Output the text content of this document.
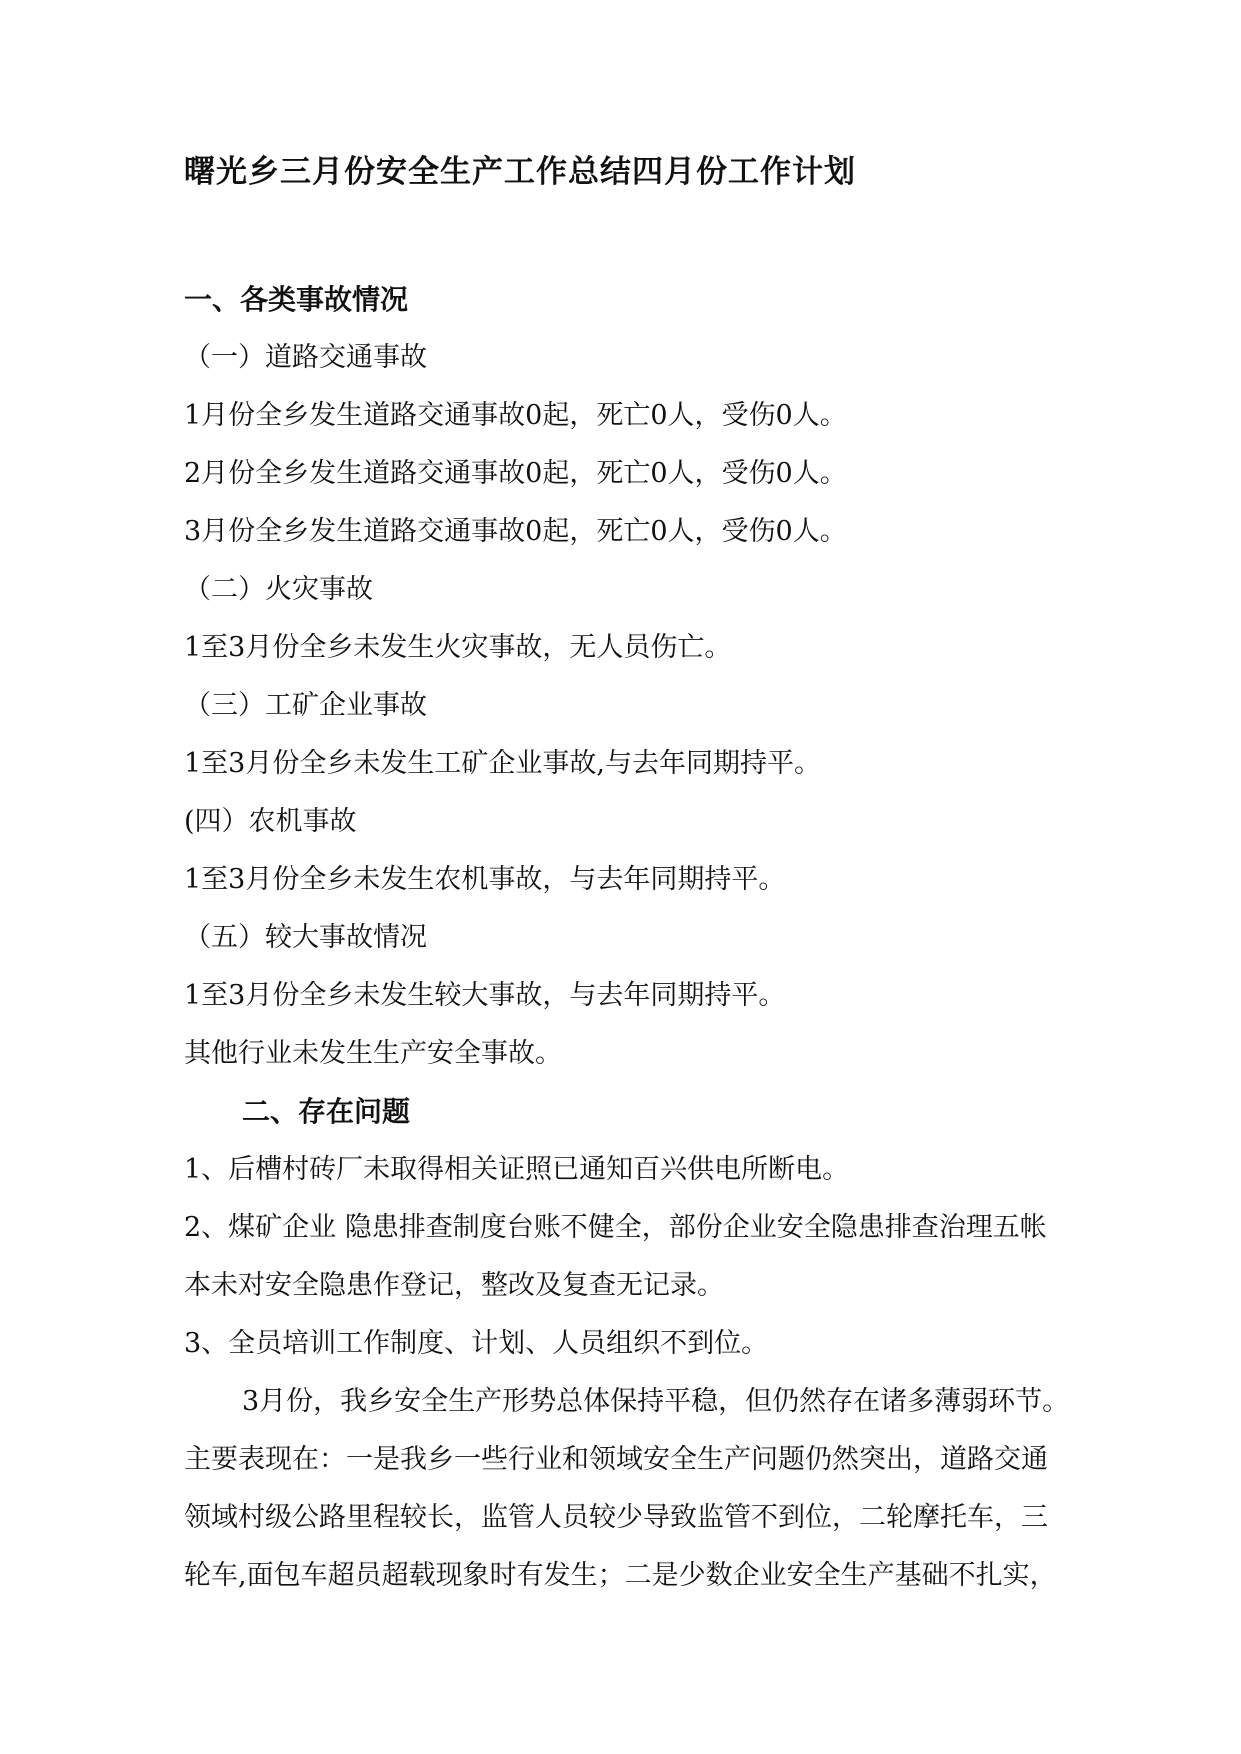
曙光乡三月份安全生产工作总结四月份工作计划
一、各类事故情况
（一）道路交通事故
1月份全乡发生道路交通事故0起，死亡0人，受伤0人。
2月份全乡发生道路交通事故0起，死亡0人，受伤0人。
3月份全乡发生道路交通事故0起，死亡0人，受伤0人。
（二）火灾事故
1至3月份全乡未发生火灾事故，无人员伤亡。
（三）工矿企业事故
1至3月份全乡未发生工矿企业事故,与去年同期持平。
(四）农机事故
1至3月份全乡未发生农机事故，与去年同期持平。
（五）较大事故情况
1至3月份全乡未发生较大事故，与去年同期持平。
其他行业未发生生产安全事故。
二、存在问题
1、后槽村砖厂未取得相关证照已通知百兴供电所断电。
2、煤矿企业 隐患排查制度台账不健全，部份企业安全隐患排查治理五帐
本未对安全隐患作登记，整改及复查无记录。
3、全员培训工作制度、计划、人员组织不到位。
3月份，我乡安全生产形势总体保持平稳，但仍然存在诸多薄弱环节。
主要表现在：一是我乡一些行业和领域安全生产问题仍然突出，道路交通
领域村级公路里程较长，监管人员较少导致监管不到位，二轮摩托车，三
轮车,面包车超员超载现象时有发生；二是少数企业安全生产基础不扎实，
